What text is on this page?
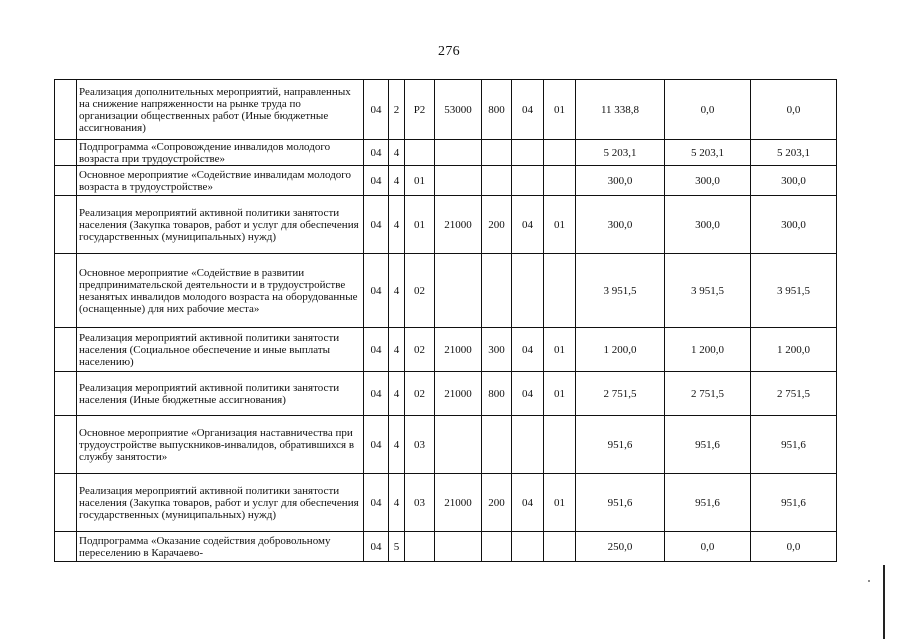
276
	Реализация дополнительных мероприятий, направленных на снижение напряженности на рынке труда по организации общественных работ (Иные бюджетные ассигнования)	04	2	P2	53000	800	04	01	11 338,8	0,0	0,0
	Подпрограмма «Сопровождение инвалидов молодого возраста при трудоустройстве»	04	4						5 203,1	5 203,1	5 203,1
	Основное мероприятие «Содействие инвалидам молодого возраста в трудоустройстве»	04	4	01					300,0	300,0	300,0
	Реализация мероприятий активной политики занятости населения (Закупка товаров, работ и услуг для обеспечения государственных (муниципальных) нужд)	04	4	01	21000	200	04	01	300,0	300,0	300,0
	Основное мероприятие «Содействие в развитии предпринимательской деятельности и в трудоустройстве незанятых инвалидов молодого возраста на оборудованные (оснащенные) для них рабочие места»	04	4	02					3 951,5	3 951,5	3 951,5
	Реализация мероприятий активной политики занятости населения (Социальное обеспечение и иные выплаты населению)	04	4	02	21000	300	04	01	1 200,0	1 200,0	1 200,0
	Реализация мероприятий активной политики занятости населения (Иные бюджетные ассигнования)	04	4	02	21000	800	04	01	2 751,5	2 751,5	2 751,5
	Основное мероприятие «Организация наставничества при трудоустройстве выпускников-инвалидов, обратившихся в службу занятости»	04	4	03					951,6	951,6	951,6
	Реализация мероприятий активной политики занятости населения (Закупка товаров, работ и услуг для обеспечения государственных (муниципальных) нужд)	04	4	03	21000	200	04	01	951,6	951,6	951,6
	Подпрограмма «Оказание содействия добровольному переселению в Карачаево-	04	5						250,0	0,0	0,0
